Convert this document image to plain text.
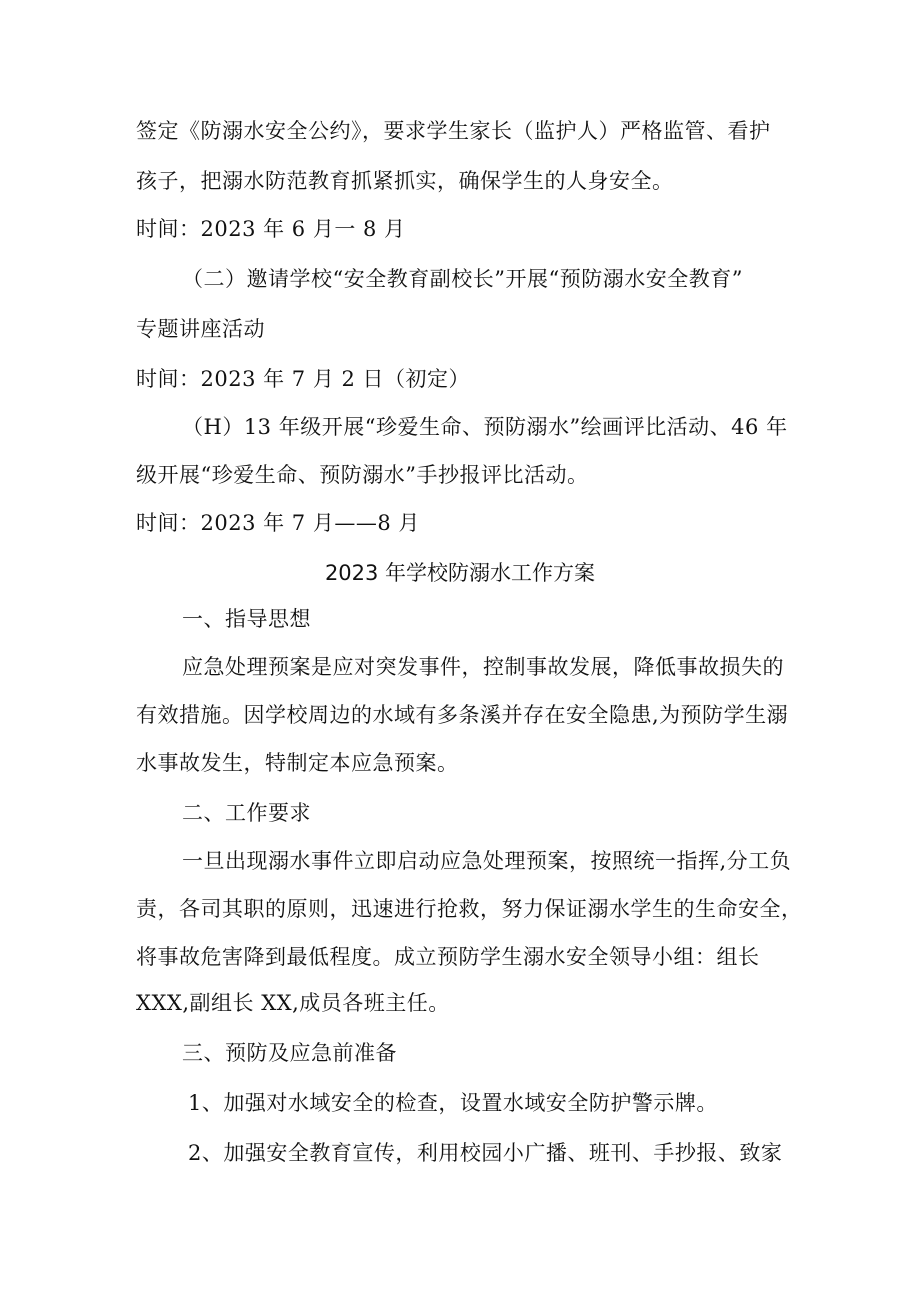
签定《防溺水安全公约》，要求学生家长（监护人）严格监管、看护
孩子，把溺水防范教育抓紧抓实，确保学生的人身安全。
时间：2023 年 6 月一 8 月
（二）邀请学校“安全教育副校长”开展“预防溺水安全教育”
专题讲座活动
时间：2023 年 7 月 2 日（初定）
（H）13 年级开展“珍爱生命、预防溺水”绘画评比活动、46 年
级开展“珍爱生命、预防溺水”手抄报评比活动。
时间：2023 年 7 月——8 月
2023 年学校防溺水工作方案
一、指导思想
应急处理预案是应对突发事件，控制事故发展，降低事故损失的
有效措施。因学校周边的水域有多条溪并存在安全隐患,为预防学生溺
水事故发生，特制定本应急预案。
二、工作要求
一旦出现溺水事件立即启动应急处理预案，按照统一指挥,分工负
责，各司其职的原则，迅速进行抢救，努力保证溺水学生的生命安全，
将事故危害降到最低程度。成立预防学生溺水安全领导小组：组长
XXX,副组长 XX,成员各班主任。
三、预防及应急前准备
1、加强对水域安全的检查，设置水域安全防护警示牌。
2、加强安全教育宣传，利用校园小广播、班刊、手抄报、致家
